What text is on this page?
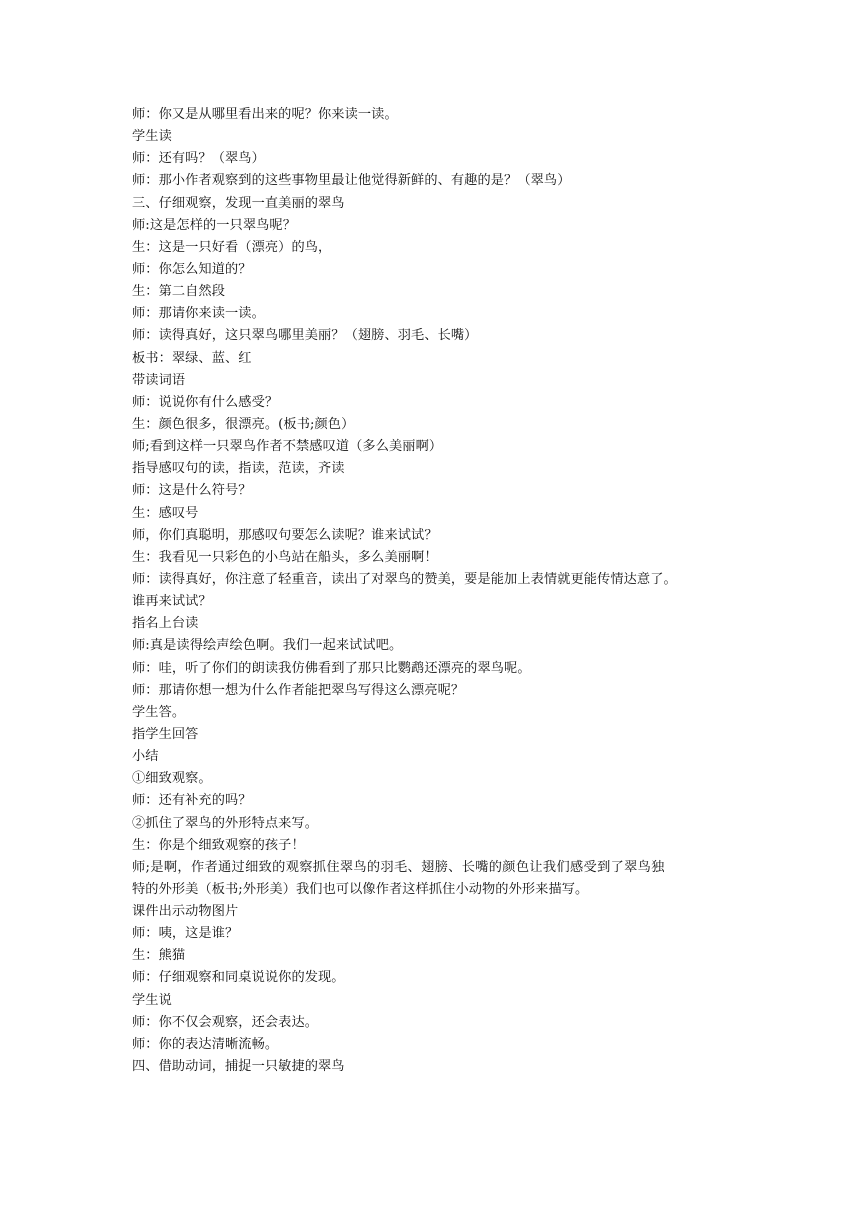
师：你又是从哪里看出来的呢？你来读一读。
学生读
师：还有吗？（翠鸟）
师：那小作者观察到的这些事物里最让他觉得新鲜的、有趣的是？（翠鸟）
三、仔细观察，发现一直美丽的翠鸟
师:这是怎样的一只翠鸟呢？
生：这是一只好看（漂亮）的鸟，
师：你怎么知道的？
生：第二自然段
师：那请你来读一读。
师：读得真好，这只翠鸟哪里美丽？（翅膀、羽毛、长嘴）
板书：翠绿、蓝、红
带读词语
师：说说你有什么感受？
生：颜色很多，很漂亮。(板书;颜色）
师;看到这样一只翠鸟作者不禁感叹道（多么美丽啊）
指导感叹句的读，指读，范读，齐读
师：这是什么符号？
生：感叹号
师，你们真聪明，那感叹句要怎么读呢？谁来试试？
生：我看见一只彩色的小鸟站在船头，多么美丽啊！
师：读得真好，你注意了轻重音，读出了对翠鸟的赞美，要是能加上表情就更能传情达意了。
谁再来试试？
指名上台读
师:真是读得绘声绘色啊。我们一起来试试吧。
师：哇，听了你们的朗读我仿佛看到了那只比鹦鹉还漂亮的翠鸟呢。
师：那请你想一想为什么作者能把翠鸟写得这么漂亮呢？
学生答。
指学生回答
小结
①细致观察。
师：还有补充的吗？
②抓住了翠鸟的外形特点来写。
生：你是个细致观察的孩子！
师;是啊，作者通过细致的观察抓住翠鸟的羽毛、翅膀、长嘴的颜色让我们感受到了翠鸟独
特的外形美（板书;外形美）我们也可以像作者这样抓住小动物的外形来描写。
课件出示动物图片
师：咦，这是谁？
生：熊猫
师：仔细观察和同桌说说你的发现。
学生说
师：你不仅会观察，还会表达。
师：你的表达清晰流畅。
四、借助动词，捕捉一只敏捷的翠鸟
